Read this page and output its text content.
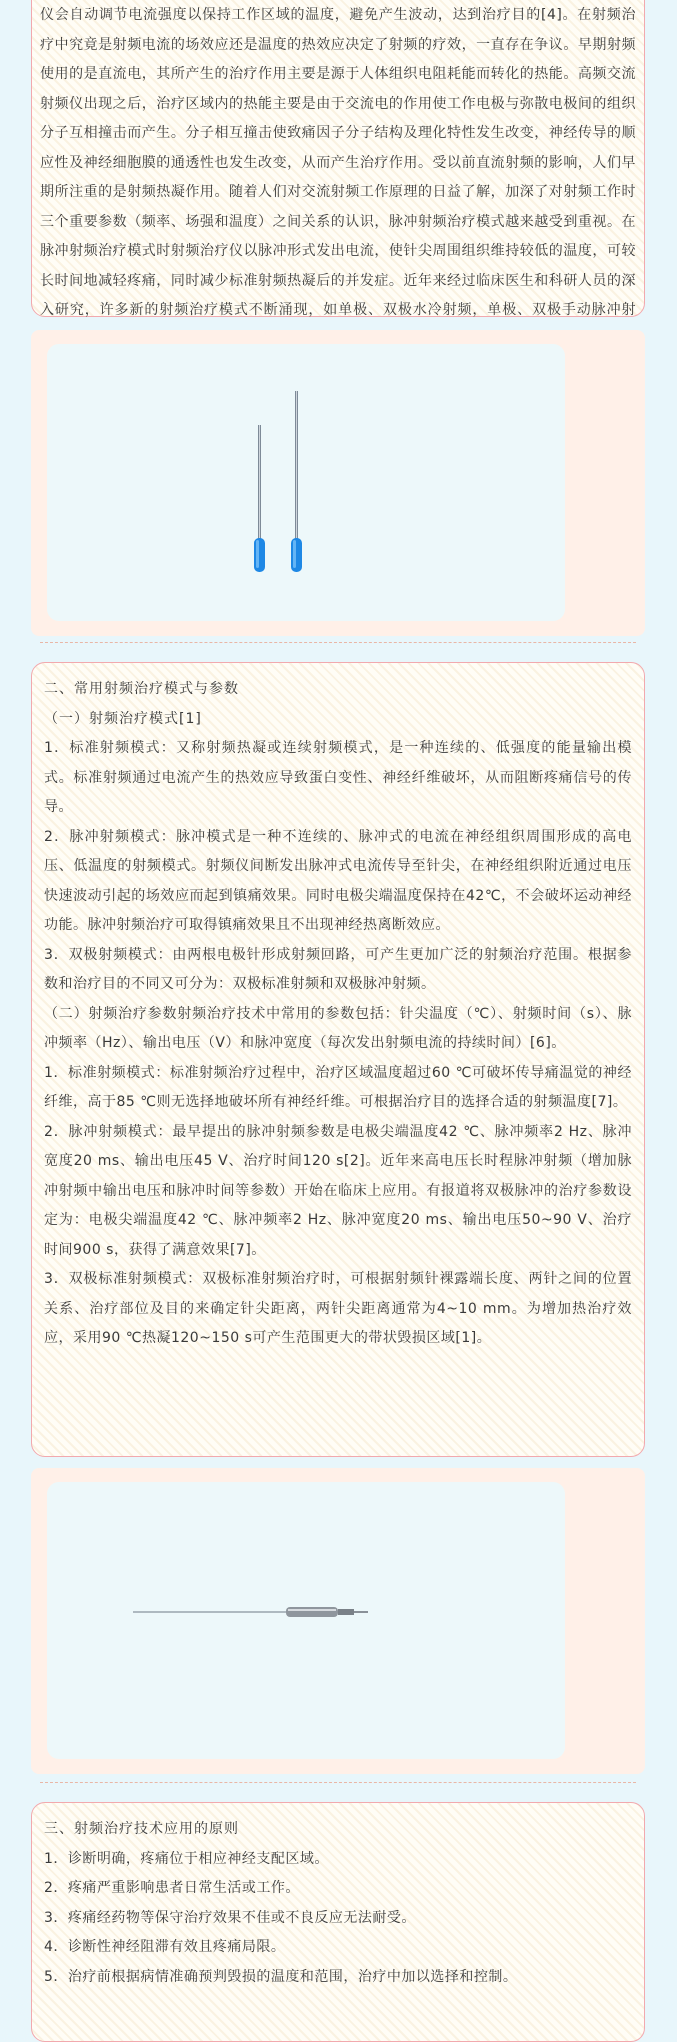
仪会自动调节电流强度以保持工作区域的温度，避免产生波动，达到治疗目的[4]。在射频治疗中究竟是射频电流的场效应还是温度的热效应决定了射频的疗效，一直存在争议。早期射频使用的是直流电，其所产生的治疗作用主要是源于人体组织电阻耗能而转化的热能。高频交流射频仪出现之后，治疗区域内的热能主要是由于交流电的作用使工作电极与弥散电极间的组织分子互相撞击而产生。分子相互撞击使致痛因子分子结构及理化特性发生改变，神经传导的顺应性及神经细胞膜的通透性也发生改变，从而产生治疗作用。受以前直流射频的影响，人们早期所注重的是射频热凝作用。随着人们对交流射频工作原理的日益了解，加深了对射频工作时三个重要参数（频率、场强和温度）之间关系的认识，脉冲射频治疗模式越来越受到重视。在脉冲射频治疗模式时射频治疗仪以脉冲形式发出电流，使针尖周围组织维持较低的温度，可较长时间地减轻疼痛，同时减少标准射频热凝后的并发症。近年来经过临床医生和科研人员的深入研究，许多新的射频治疗模式不断涌现，如单极、双极水冷射频，单极、双极手动脉冲射

二、常用射频治疗模式与参数

（一）射频治疗模式[1]

1．标准射频模式：又称射频热凝或连续射频模式，是一种连续的、低强度的能量输出模式。标准射频通过电流产生的热效应导致蛋白变性、神经纤维破坏，从而阻断疼痛信号的传导。

2．脉冲射频模式：脉冲模式是一种不连续的、脉冲式的电流在神经组织周围形成的高电压、低温度的射频模式。射频仪间断发出脉冲式电流传导至针尖，在神经组织附近通过电压快速波动引起的场效应而起到镇痛效果。同时电极尖端温度保持在42℃，不会破坏运动神经功能。脉冲射频治疗可取得镇痛效果且不出现神经热离断效应。

3．双极射频模式：由两根电极针形成射频回路，可产生更加广泛的射频治疗范围。根据参数和治疗目的不同又可分为：双极标准射频和双极脉冲射频。

（二）射频治疗参数射频治疗技术中常用的参数包括：针尖温度（℃）、射频时间（s）、脉冲频率（Hz）、输出电压（V）和脉冲宽度（每次发出射频电流的持续时间）[6]。

1．标准射频模式：标准射频治疗过程中，治疗区域温度超过60 ℃可破坏传导痛温觉的神经纤维，高于85 ℃则无选择地破坏所有神经纤维。可根据治疗目的选择合适的射频温度[7]。

2．脉冲射频模式：最早提出的脉冲射频参数是电极尖端温度42 ℃、脉冲频率2 Hz、脉冲宽度20 ms、输出电压45 V、治疗时间120 s[2]。近年来高电压长时程脉冲射频（增加脉冲射频中输出电压和脉冲时间等参数）开始在临床上应用。有报道将双极脉冲的治疗参数设定为：电极尖端温度42 ℃、脉冲频率2 Hz、脉冲宽度20 ms、输出电压50~90 V、治疗时间900 s，获得了满意效果[7]。

3．双极标准射频模式：双极标准射频治疗时，可根据射频针裸露端长度、两针之间的位置关系、治疗部位及目的来确定针尖距离，两针尖距离通常为4~10 mm。为增加热治疗效应，采用90 ℃热凝120~150 s可产生范围更大的带状毁损区域[1]。

三、射频治疗技术应用的原则

1．诊断明确，疼痛位于相应神经支配区域。

2．疼痛严重影响患者日常生活或工作。

3．疼痛经药物等保守治疗效果不佳或不良反应无法耐受。

4．诊断性神经阻滞有效且疼痛局限。

5．治疗前根据病情准确预判毁损的温度和范围，治疗中加以选择和控制。
